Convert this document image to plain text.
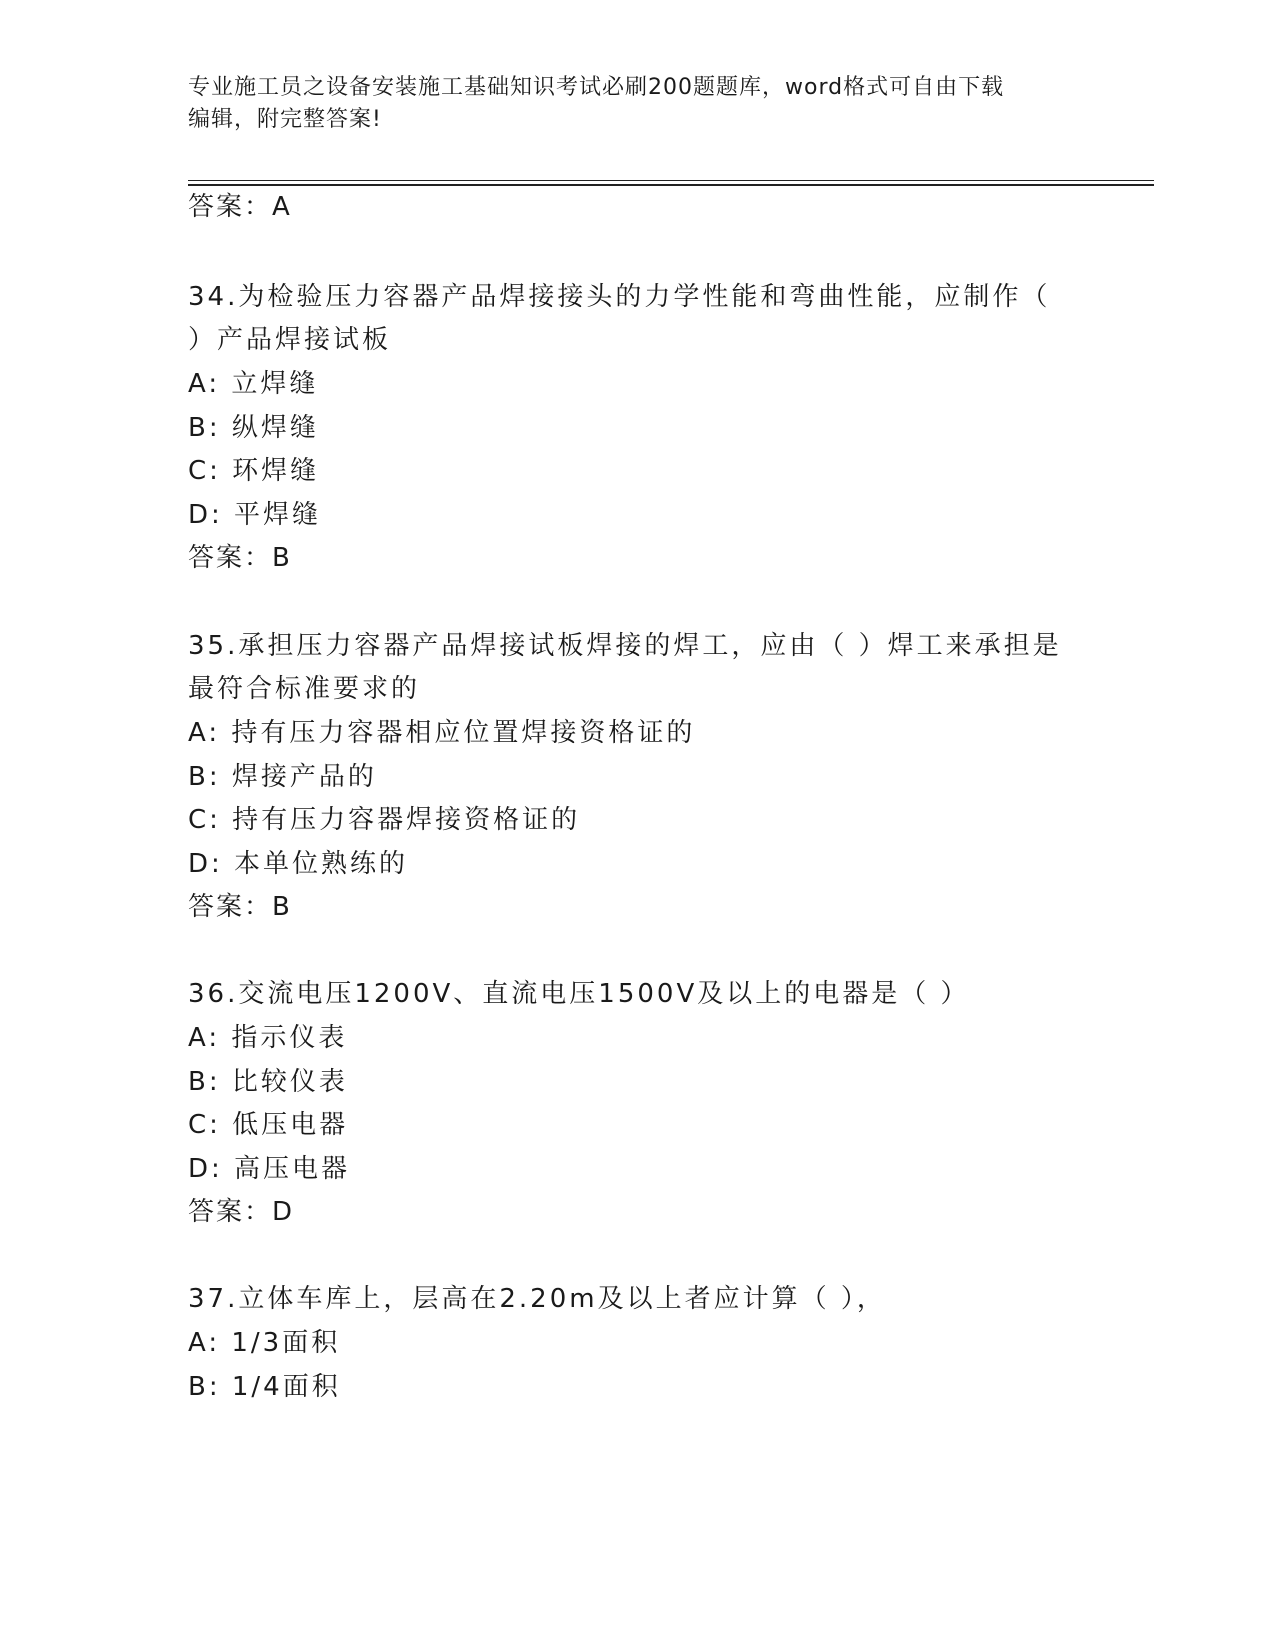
专业施工员之设备安装施工基础知识考试必刷200题题库，word格式可自由下载
编辑，附完整答案!
答案：A
34.为检验压力容器产品焊接接头的力学性能和弯曲性能，应制作（
）产品焊接试板
A: 立焊缝
B: 纵焊缝
C: 环焊缝
D: 平焊缝
答案：B
35.承担压力容器产品焊接试板焊接的焊工，应由（ ）焊工来承担是
最符合标准要求的
A: 持有压力容器相应位置焊接资格证的
B: 焊接产品的
C: 持有压力容器焊接资格证的
D: 本单位熟练的
答案：B
36.交流电压1200V、直流电压1500V及以上的电器是（ ）
A: 指示仪表
B: 比较仪表
C: 低压电器
D: 高压电器
答案：D
37.立体车库上，层高在2.20m及以上者应计算（ ），
A: 1/3面积
B: 1/4面积
